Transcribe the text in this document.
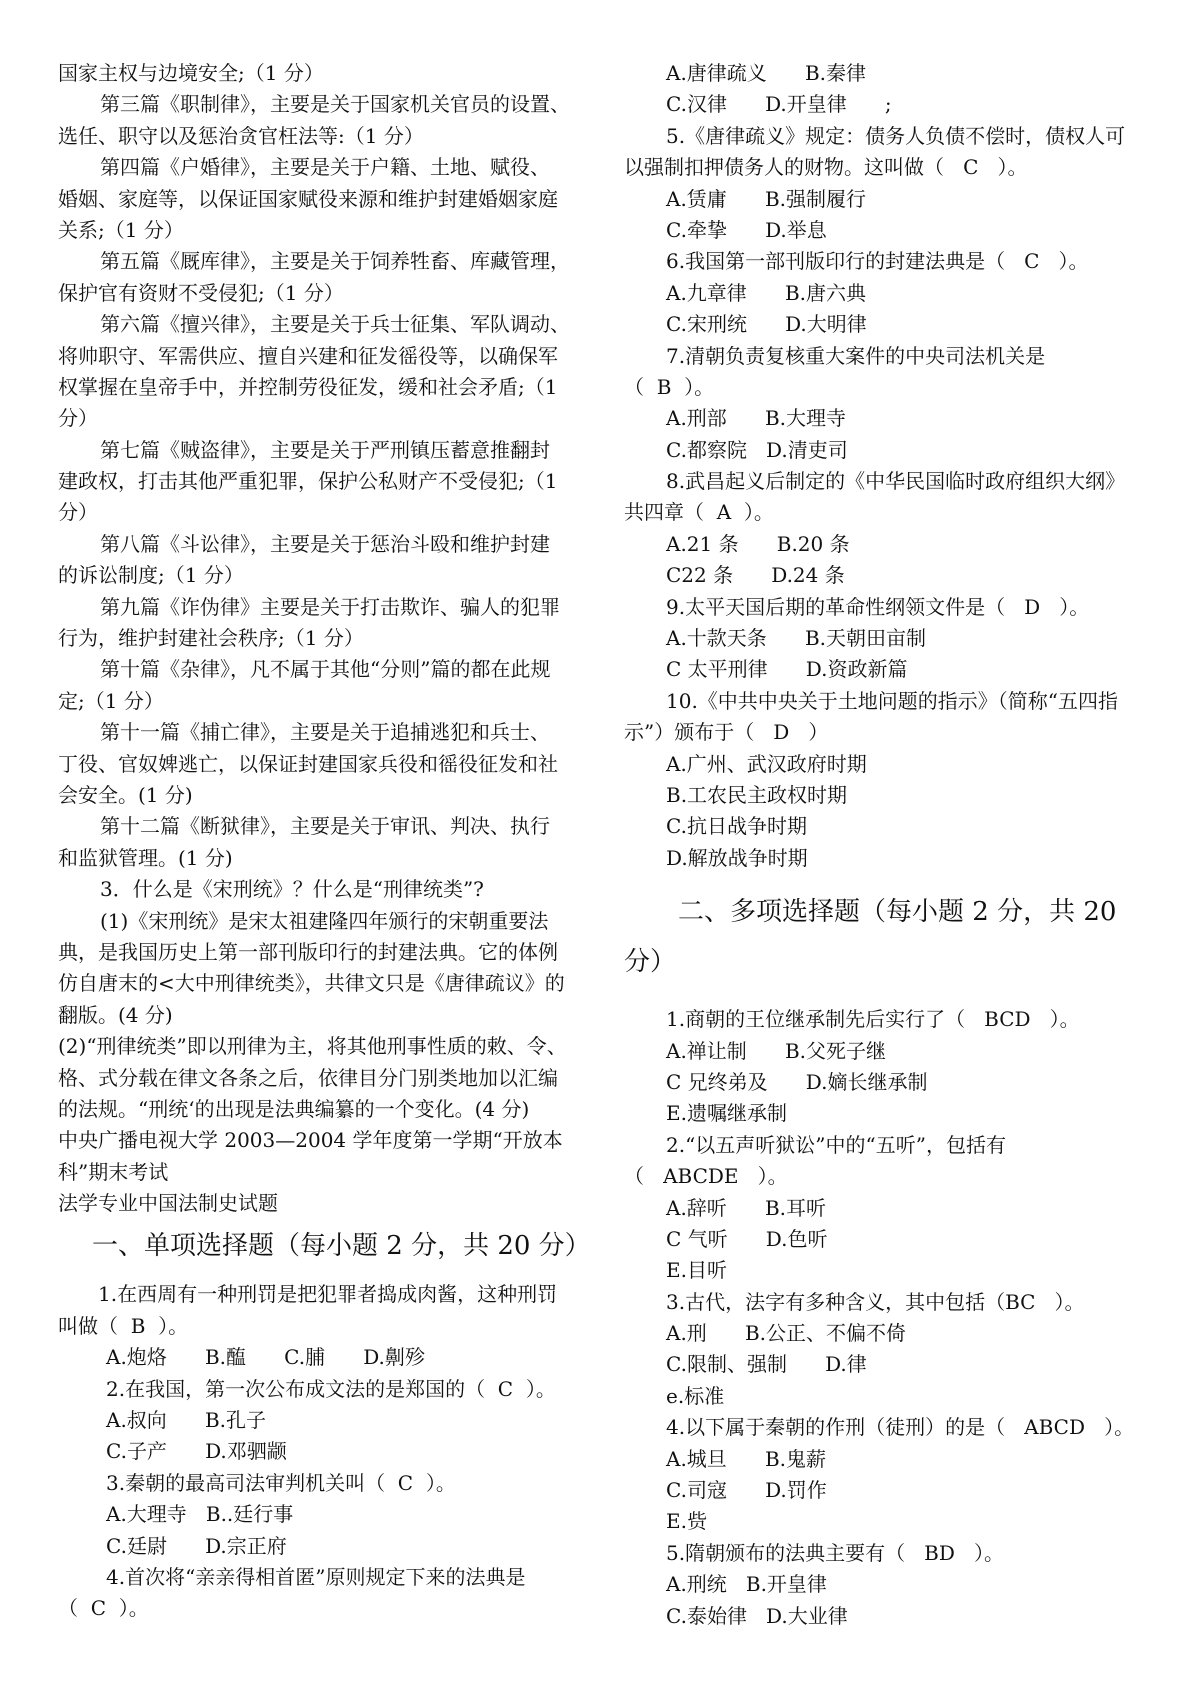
国家主权与边境安全;（1 分）
第三篇《职制律》，主要是关于国家机关官员的设置、
选任、职守以及惩治贪官枉法等:（1 分）
第四篇《户婚律》，主要是关于户籍、土地、赋役、
婚姻、家庭等，以保证国家赋役来源和维护封建婚姻家庭
关系;（1 分）
第五篇《厩库律》，主要是关于饲养牲畜、库藏管理，
保护官有资财不受侵犯;（1 分）
第六篇《擅兴律》，主要是关于兵士征集、军队调动、
将帅职守、军需供应、擅自兴建和征发徭役等，以确保军
权掌握在皇帝手中，并控制劳役征发，缓和社会矛盾;（1
分）
第七篇《贼盗律》，主要是关于严刑镇压蓄意推翻封
建政权，打击其他严重犯罪，保护公私财产不受侵犯;（1
分）
第八篇《斗讼律》，主要是关于惩治斗殴和维护封建
的诉讼制度;（1 分）
第九篇《诈伪律》主要是关于打击欺诈、骗人的犯罪
行为，维护封建社会秩序;（1 分）
第十篇《杂律》，凡不属于其他“分则”篇的都在此规
定;（1 分）
第十一篇《捕亡律》，主要是关于追捕逃犯和兵士、
丁役、官奴婢逃亡，以保证封建国家兵役和徭役征发和社
会安全。(1 分)
第十二篇《断狱律》，主要是关于审讯、判决、执行
和监狱管理。(1 分)
3．什么是《宋刑统》？什么是“刑律统类”?
(1)《宋刑统》是宋太祖建隆四年颁行的宋朝重要法
典，是我国历史上第一部刊版印行的封建法典。它的体例
仿自唐末的<大中刑律统类》，共律文只是《唐律疏议》的
翻版。(4 分)
(2)“刑律统类”即以刑律为主，将其他刑事性质的敕、令、
格、式分载在律文各条之后，依律目分门别类地加以汇编
的法规。“刑统‘的出现是法典编纂的一个变化。(4 分)
中央广播电视大学 2003—2004 学年度第一学期“开放本
科”期末考试
法学专业中国法制史试题
一、单项选择题（每小题 2 分，共 20 分）
1.在西周有一种刑罚是把犯罪者捣成肉酱，这种刑罚
叫做（  B  ）。
A.炮烙      B.醢      C.脯      D.劓殄
2.在我国，第一次公布成文法的是郑国的（  C  ）。
A.叔向      B.孔子
C.子产      D.邓驷颛
3.秦朝的最高司法审判机关叫（  C  ）。
A.大理寺   B..廷行事
C.廷尉      D.宗正府
4.首次将“亲亲得相首匿”原则规定下来的法典是
（  C  ）。
A.唐律疏义      B.秦律
C.汉律      D.开皇律      ;
5.《唐律疏义》规定：债务人负债不偿时，债权人可
以强制扣押债务人的财物。这叫做（   C   ）。
A.赁庸      B.强制履行
C.牵挚      D.举息
6.我国第一部刊版印行的封建法典是（   C   ）。
A.九章律      B.唐六典
C.宋刑统      D.大明律
7.清朝负责复核重大案件的中央司法机关是
（  B  ）。
A.刑部      B.大理寺
C.都察院   D.清吏司
8.武昌起义后制定的《中华民国临时政府组织大纲》
共四章（  A  ）。
A.21 条      B.20 条
C22 条      D.24 条
9.太平天国后期的革命性纲领文件是（   D   ）。
A.十款天条      B.天朝田亩制
C 太平刑律      D.资政新篇
10.《中共中央关于土地问题的指示》（简称“五四指
示”）颁布于（   D   ）
A.广州、武汉政府时期
B.工农民主政权时期
C.抗日战争时期
D.解放战争时期
二、多项选择题（每小题 2 分，共 20
分）
1.商朝的王位继承制先后实行了（   BCD   ）。
A.禅让制      B.父死子继
C 兄终弟及      D.嫡长继承制
E.遗嘱继承制
2.“以五声听狱讼”中的“五听”，包括有
（   ABCDE   ）。
A.辞听      B.耳听
C 气听      D.色听
E.目听
3.古代，法字有多种含义，其中包括（BC   ）。
A.刑      B.公正、不偏不倚
C.限制、强制      D.律
e.标准
4.以下属于秦朝的作刑（徒刑）的是（   ABCD   ）。
A.城旦      B.鬼薪
C.司寇      D.罚作
E.赀
5.隋朝颁布的法典主要有（   BD   ）。
A.刑统   B.开皇律
C.泰始律   D.大业律
